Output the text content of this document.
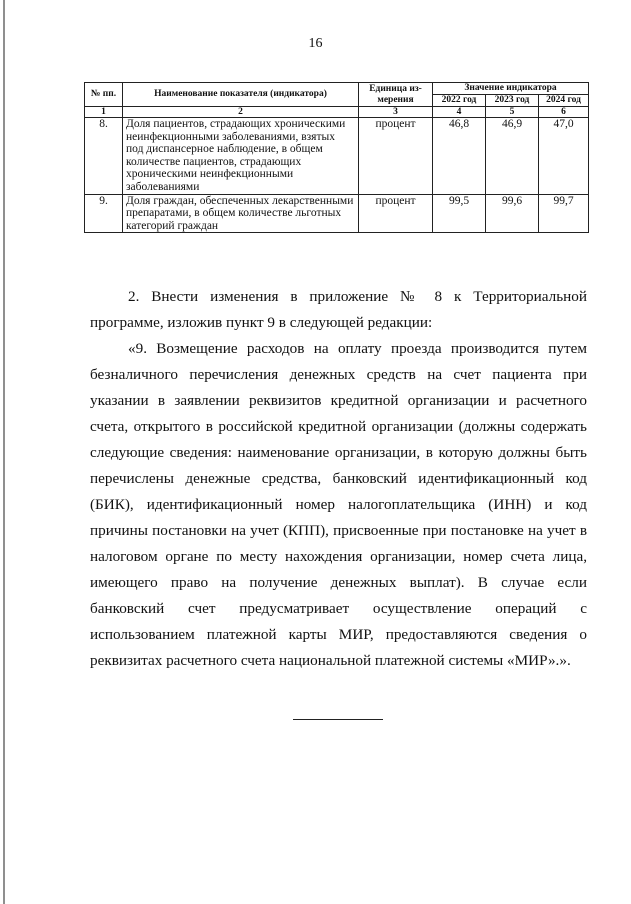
16
№ пп.	Наименование показателя (индикатора)	Единица из-мерения	Значение индикатора		
			2022 год	2023 год	2024 год
1	2	3	4	5	6
8.	Доля пациентов, страдающих хроническими неинфекционными заболеваниями, взятых под диспансерное наблюдение, в общем количестве пациентов, страдающих хроническими неинфекционными заболеваниями	процент	46,8	46,9	47,0
9.	Доля граждан, обеспеченных лекарственными препаратами, в общем количестве льготных категорий граждан	процент	99,5	99,6	99,7

2. Внести изменения в приложение № 8 к Территориальной программе, изложив пункт 9 в следующей редакции:

«9. Возмещение расходов на оплату проезда производится путем безналичного перечисления денежных средств на счет пациента при указании в заявлении реквизитов кредитной организации и расчетного счета, открытого в российской кредитной организации (должны содержать следующие сведения: наименование организации, в которую должны быть перечислены денежные средства, банковский идентификационный код (БИК), идентификационный номер налогоплательщика (ИНН) и код причины постановки на учет (КПП), присвоенные при постановке на учет в налоговом органе по месту нахождения организации, номер счета лица, имеющего право на получение денежных выплат). В случае если банковский счет предусматривает осуществление операций с использованием платежной карты МИР, предоставляются сведения о реквизитах расчетного счета национальной платежной системы «МИР».».
